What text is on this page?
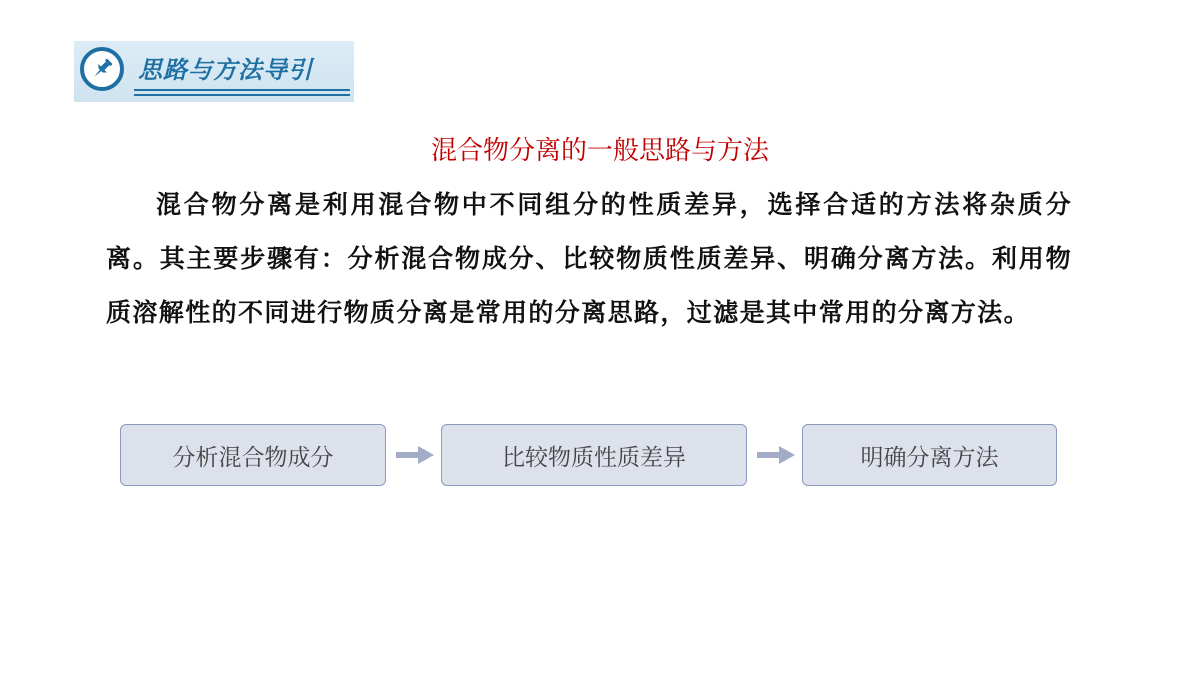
思路与方法导引
混合物分离的一般思路与方法
混合物分离是利用混合物中不同组分的性质差异，选择合适的方法将杂质分离。其主要步骤有：分析混合物成分、比较物质性质差异、明确分离方法。利用物质溶解性的不同进行物质分离是常用的分离思路，过滤是其中常用的分离方法。
分析混合物成分	比较物质性质差异	明确分离方法
